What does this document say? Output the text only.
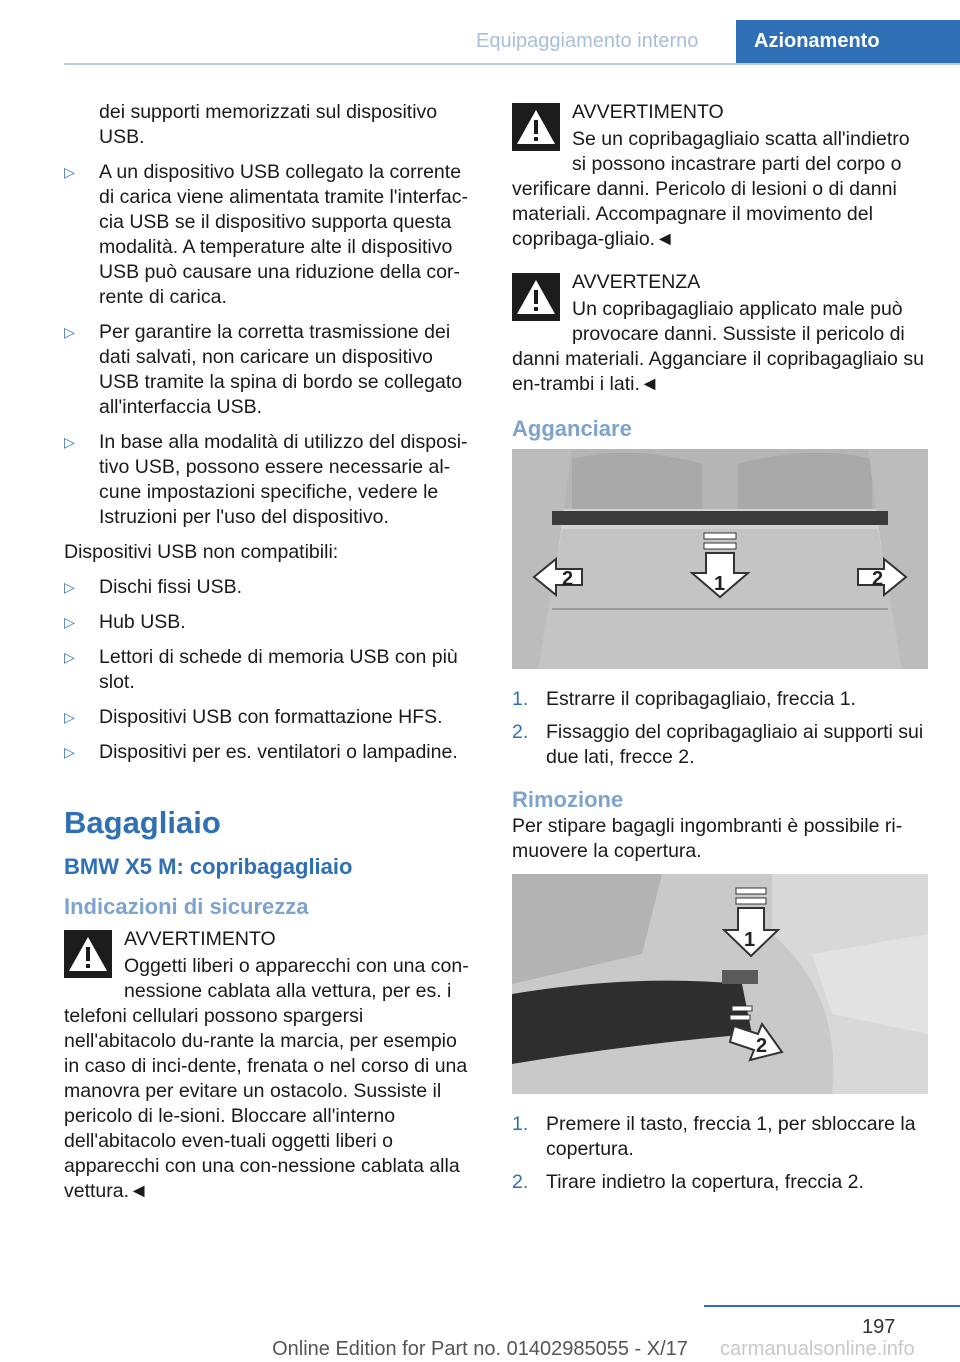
Equipaggiamento interno	Azionamento

dei supporti memorizzati sul dispositivo USB.

▷ A un dispositivo USB collegato la corrente di carica viene alimentata tramite l'interfac‐cia USB se il dispositivo supporta questa modalità. A temperature alte il dispositivo USB può causare una riduzione della cor‐rente di carica.
▷ Per garantire la corretta trasmissione dei dati salvati, non caricare un dispositivo USB tramite la spina di bordo se collegato all'interfaccia USB.
▷ In base alla modalità di utilizzo del disposi‐tivo USB, possono essere necessarie al‐cune impostazioni specifiche, vedere le Istruzioni per l'uso del dispositivo.

Dispositivi USB non compatibili:

▷ Dischi fissi USB.
▷ Hub USB.
▷ Lettori di schede di memoria USB con più slot.
▷ Dispositivi USB con formattazione HFS.
▷ Dispositivi per es. ventilatori o lampadine.
Bagagliaio
BMW X5 M: copribagagliaio
Indicazioni di sicurezza

AVVERTIMENTO

Oggetti liberi o apparecchi con una con‐nessione cablata alla vettura, per es. i telefoni cellulari possono spargersi nell'abitacolo du‐rante la marcia, per esempio in caso di inci‐dente, frenata o nel corso di una manovra per evitare un ostacolo. Sussiste il pericolo di le‐sioni. Bloccare all'interno dell'abitacolo even‐tuali oggetti liberi o apparecchi con una con‐nessione cablata alla vettura.◄

AVVERTIMENTO

Se un copribagagliaio scatta all'indietro si possono incastrare parti del corpo o verificare danni. Pericolo di lesioni o di danni materiali. Accompagnare il movimento del copribaga‐gliaio.◄

AVVERTENZA

Un copribagagliaio applicato male può provocare danni. Sussiste il pericolo di danni materiali. Agganciare il copribagagliaio su en‐trambi i lati.◄

Agganciare
2	1	2
1. Estrarre il copribagagliaio, freccia 1.
2. Fissaggio del copribagagliaio ai supporti sui due lati, frecce 2.
Rimozione

Per stipare bagagli ingombranti è possibile ri‐muovere la copertura.

1
2
1. Premere il tasto, freccia 1, per sbloccare la copertura.
2. Tirare indietro la copertura, freccia 2.
197
carmanualsonline.info
Online Edition for Part no. 01402985055 - X/17
